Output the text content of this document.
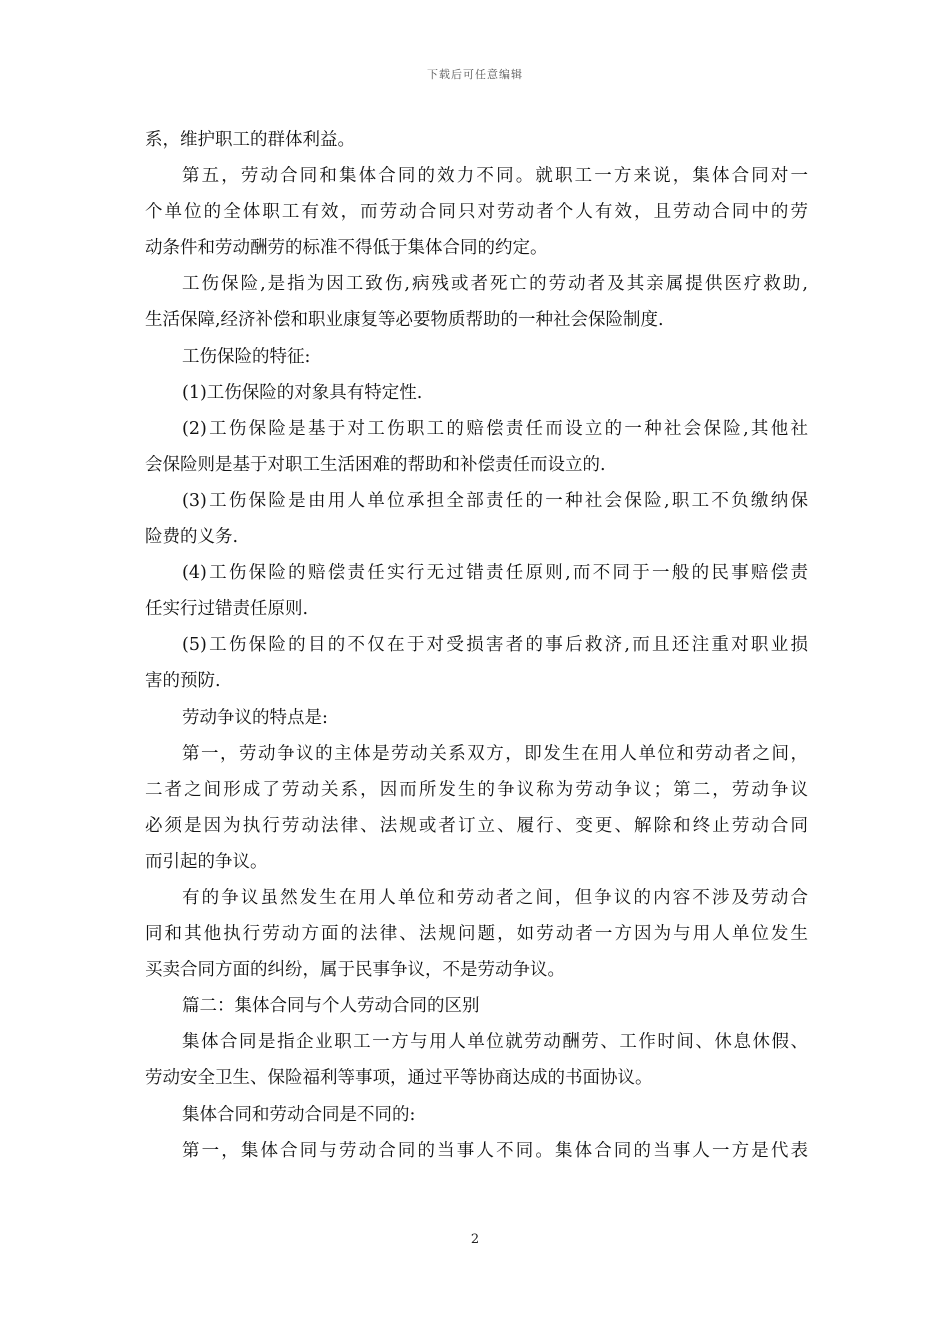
下载后可任意编辑
系，维护职工的群体利益。
第五，劳动合同和集体合同的效力不同。就职工一方来说，集体合同对一
个单位的全体职工有效，而劳动合同只对劳动者个人有效，且劳动合同中的劳
动条件和劳动酬劳的标准不得低于集体合同的约定。
工伤保险,是指为因工致伤,病残或者死亡的劳动者及其亲属提供医疗救助,
生活保障,经济补偿和职业康复等必要物质帮助的一种社会保险制度.
工伤保险的特征:
(1)工伤保险的对象具有特定性.
(2)工伤保险是基于对工伤职工的赔偿责任而设立的一种社会保险,其他社
会保险则是基于对职工生活困难的帮助和补偿责任而设立的.
(3)工伤保险是由用人单位承担全部责任的一种社会保险,职工不负缴纳保
险费的义务.
(4)工伤保险的赔偿责任实行无过错责任原则,而不同于一般的民事赔偿责
任实行过错责任原则.
(5)工伤保险的目的不仅在于对受损害者的事后救济,而且还注重对职业损
害的预防.
劳动争议的特点是:
第一，劳动争议的主体是劳动关系双方，即发生在用人单位和劳动者之间，
二者之间形成了劳动关系，因而所发生的争议称为劳动争议；第二，劳动争议
必须是因为执行劳动法律、法规或者订立、履行、变更、解除和终止劳动合同
而引起的争议。
有的争议虽然发生在用人单位和劳动者之间，但争议的内容不涉及劳动合
同和其他执行劳动方面的法律、法规问题，如劳动者一方因为与用人单位发生
买卖合同方面的纠纷，属于民事争议，不是劳动争议。
篇二：集体合同与个人劳动合同的区别
集体合同是指企业职工一方与用人单位就劳动酬劳、工作时间、休息休假、
劳动安全卫生、保险福利等事项，通过平等协商达成的书面协议。
集体合同和劳动合同是不同的:
第一，集体合同与劳动合同的当事人不同。集体合同的当事人一方是代表
2
